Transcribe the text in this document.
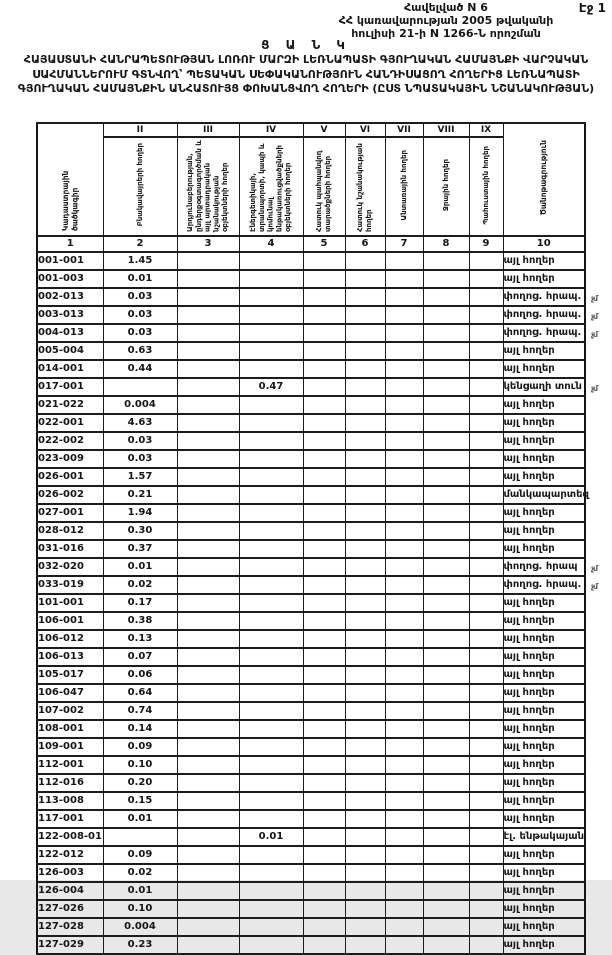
Էջ 1
Հավելված N 6
ՀՀ կառավարության 2005 թվականի
հուլիսի 21-ի N 1266-Ն որոշման
Ց Ա Ն Կ
ՀԱՅԱՍՏԱՆԻ ՀԱՆՐԱՊԵՏՈՒԹՅԱՆ ԼՈՌՈՒ ՄԱՐԶԻ ԼԵՌՆԱՊԱՏԻ ԳՅՈՒՂԱԿԱՆ ՀԱՄԱՅՆՔԻ ՎԱՐՉԱԿԱՆ ՍԱՀՄԱՆՆԵՐՈՒՄ ԳՏՆՎՈՂ՝ ՊԵՏԱԿԱՆ ՍԵՓԱԿԱՆՈՒԹՅՈՒՆ ՀԱՆԴԻՍԱՑՈՂ ՀՈՂԵՐԻՑ ԼԵՌՆԱՊԱՏԻ ԳՅՈՒՂԱԿԱՆ ՀԱՄԱՅՆՔԻՆ ԱՆՀԱՏՈՒՅՑ ՓՈԽԱՆՑՎՈՂ ՀՈՂԵՐԻ (ԸՍՏ ՆՊԱՏԱԿԱՅԻՆ ՆՇԱՆԱԿՈՒԹՅԱՆ)
Կադաստրային ծածկագիր	II	III	IV	V	VI	VII	VIII	IX	Ծանոթագրություն
	Բնակավայրերի հողեր	Արդյունաբերության, ընդերքօգտագործման և այլ արտադրական նշանակության օբյեկտների հողեր	Էներգետիկայի, տրանսպորտի, կապի և կոմունալ ենթակառուցվածքների օբյեկտների հողեր	Հատուկ պահպանվող տարածքների հողեր	Հատուկ նշանակության հողեր	Անտառային հողեր	Ջրային հողեր	Պահուստային հողեր	
1	2	3	4	5	6	7	8	9	10
001-001	1.45								այլ հողեր
001-003	0.01								այլ հողեր
002-013	0.03								փողոց. հրապ. չմ

003-013	0.03								փողոց. հրապ. չմ

004-013	0.03								փողոց. հրապ. չմ

005-004	0.63								այլ հողեր
014-001	0.44								այլ հողեր
017-001			0.47						կենցաղի տուն չմ

021-022	0.004								այլ հողեր
022-001	4.63								այլ հողեր
022-002	0.03								այլ հողեր
023-009	0.03								այլ հողեր
026-001	1.57								այլ հողեր
026-002	0.21								մանկապարտեզ
027-001	1.94								այլ հողեր
028-012	0.30								այլ հողեր
031-016	0.37								այլ հողեր
032-020	0.01								փողոց. հրապ չմ

033-019	0.02								փողոց. հրապ. չմ

101-001	0.17								այլ հողեր
106-001	0.38								այլ հողեր
106-012	0.13								այլ հողեր
106-013	0.07								այլ հողեր
105-017	0.06								այլ հողեր
106-047	0.64								այլ հողեր
107-002	0.74								այլ հողեր
108-001	0.14								այլ հողեր
109-001	0.09								այլ հողեր
112-001	0.10								այլ հողեր
112-016	0.20								այլ հողեր
113-008	0.15								այլ հողեր
117-001	0.01								այլ հողեր
122-008-01			0.01						էլ. ենթակայան
122-012	0.09								այլ հողեր
126-003	0.02								այլ հողեր
126-004	0.01								այլ հողեր
127-026	0.10								այլ հողեր
127-028	0.004								այլ հողեր
127-029	0.23								այլ հողեր
